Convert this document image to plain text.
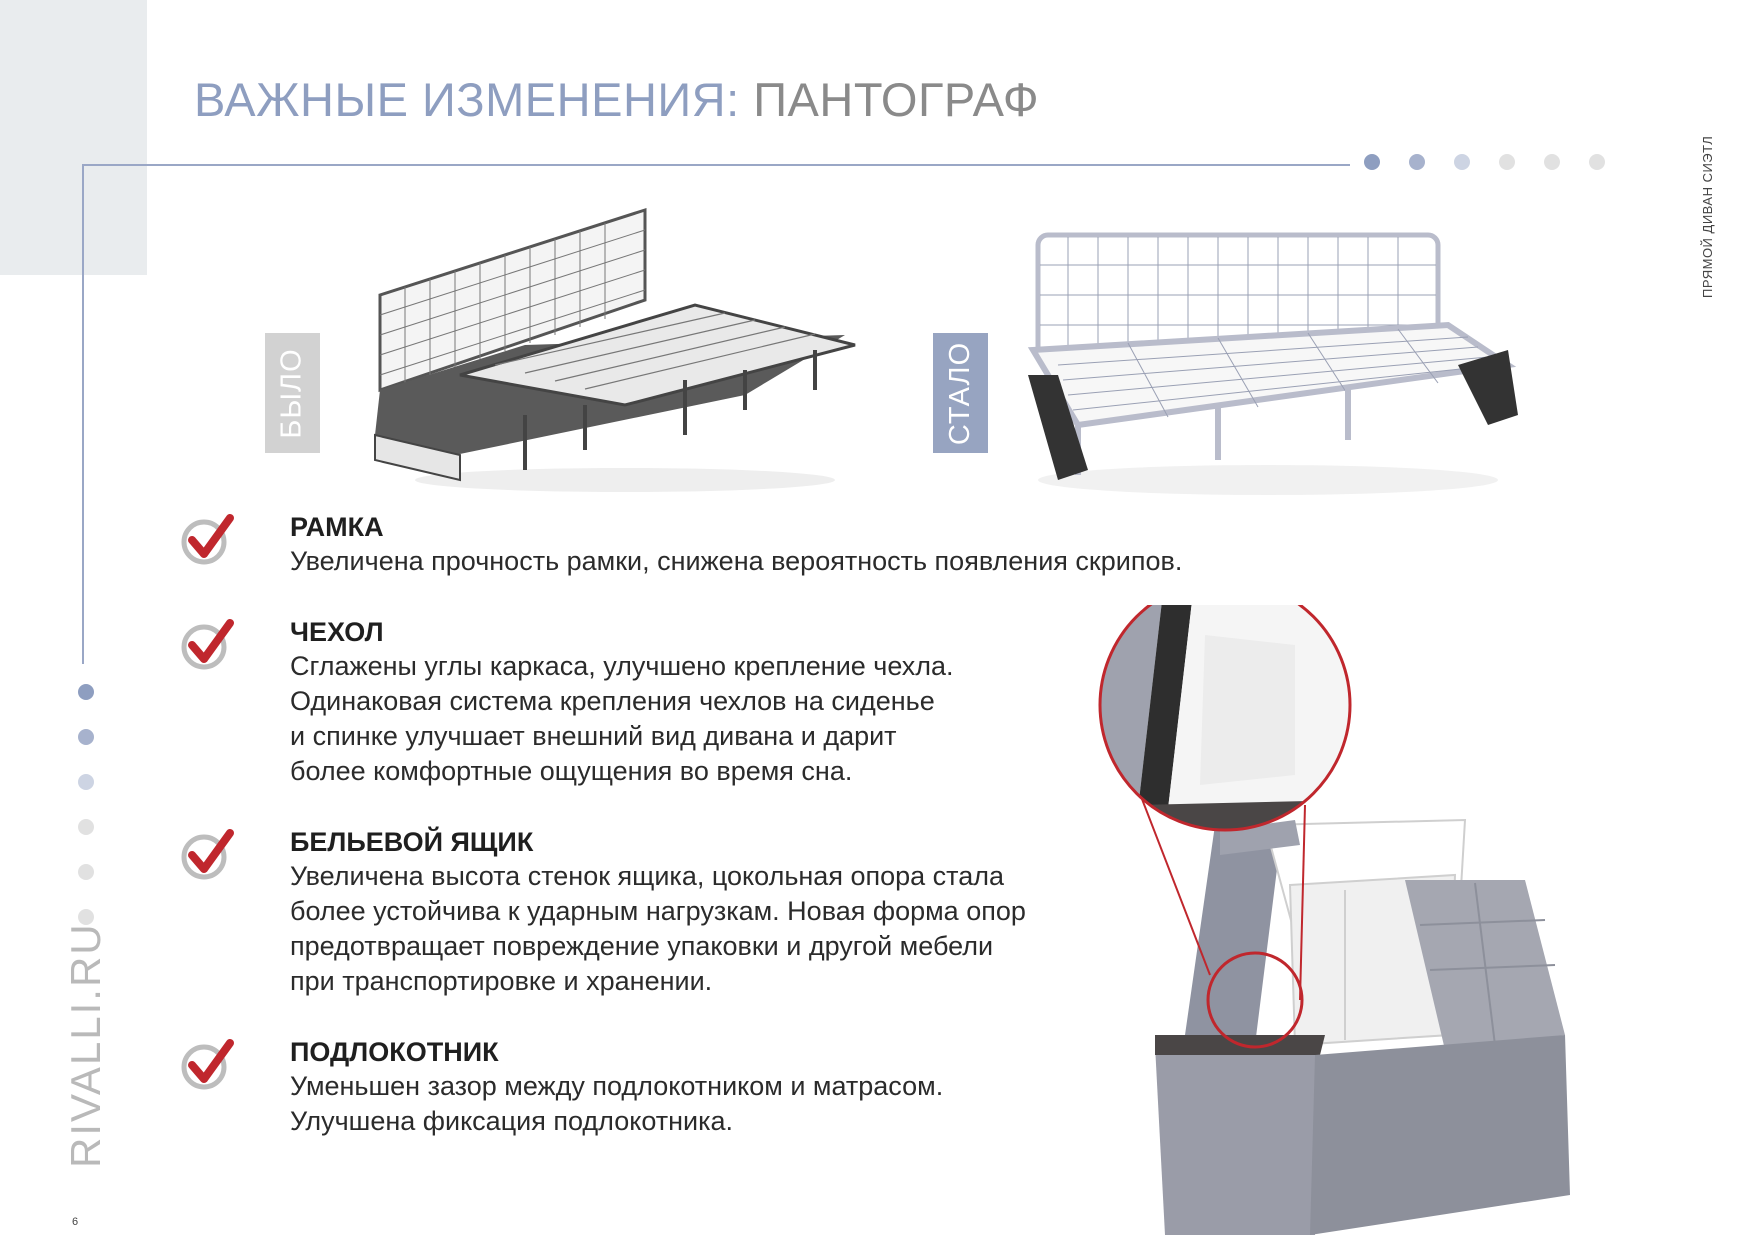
ВАЖНЫЕ ИЗМЕНЕНИЯ: ПАНТОГРАФ
ПРЯМОЙ ДИВАН СИЭТЛ
RIVALLI.RU
6
БЫЛО	СТАЛО
РАМКА
Увеличена прочность рамки, снижена вероятность появления скрипов.
ЧЕХОЛ
Сглажены углы каркаса, улучшено крепление чехла.
Одинаковая система крепления чехлов на сиденье
и спинке улучшает внешний вид дивана и дарит
более комфортные ощущения во время сна.
БЕЛЬЕВОЙ ЯЩИК
Увеличена высота стенок ящика, цокольная опора стала
более устойчива к ударным нагрузкам. Новая форма опор
предотвращает повреждение упаковки и другой мебели
при транспортировке и хранении.
ПОДЛОКОТНИК
Уменьшен зазор между подлокотником и матрасом.
Улучшена фиксация подлокотника.
